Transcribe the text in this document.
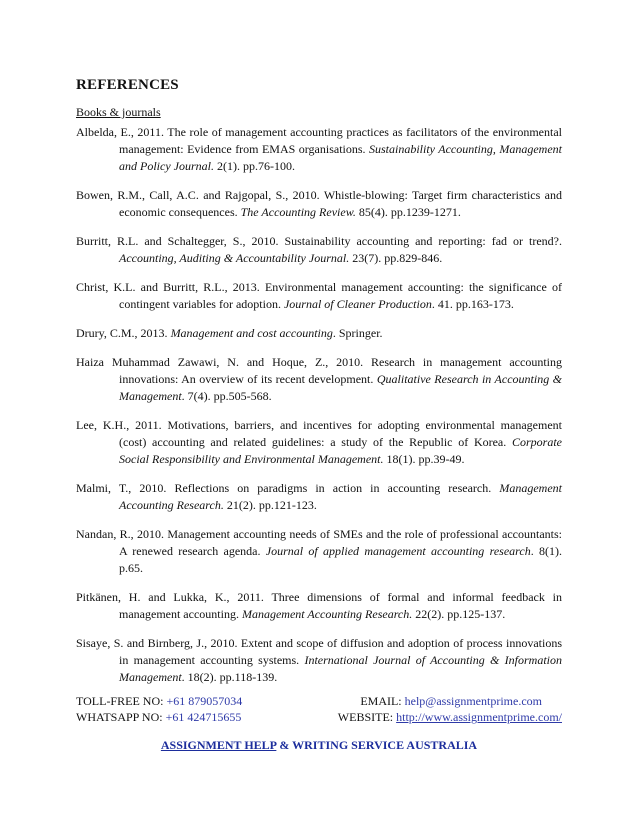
REFERENCES
Books & journals

Albelda, E., 2011. The role of management accounting practices as facilitators of the environmental management: Evidence from EMAS organisations. Sustainability Accounting, Management and Policy Journal. 2(1). pp.76-100.

Bowen, R.M., Call, A.C. and Rajgopal, S., 2010. Whistle-blowing: Target firm characteristics and economic consequences. The Accounting Review. 85(4). pp.1239-1271.

Burritt, R.L. and Schaltegger, S., 2010. Sustainability accounting and reporting: fad or trend?. Accounting, Auditing & Accountability Journal. 23(7). pp.829-846.

Christ, K.L. and Burritt, R.L., 2013. Environmental management accounting: the significance of contingent variables for adoption. Journal of Cleaner Production. 41. pp.163-173.

Drury, C.M., 2013. Management and cost accounting. Springer.

Haiza Muhammad Zawawi, N. and Hoque, Z., 2010. Research in management accounting innovations: An overview of its recent development. Qualitative Research in Accounting & Management. 7(4). pp.505-568.

Lee, K.H., 2011. Motivations, barriers, and incentives for adopting environmental management (cost) accounting and related guidelines: a study of the Republic of Korea. Corporate Social Responsibility and Environmental Management. 18(1). pp.39-49.

Malmi, T., 2010. Reflections on paradigms in action in accounting research. Management Accounting Research. 21(2). pp.121-123.

Nandan, R., 2010. Management accounting needs of SMEs and the role of professional accountants: A renewed research agenda. Journal of applied management accounting research. 8(1). p.65.

Pitkänen, H. and Lukka, K., 2011. Three dimensions of formal and informal feedback in management accounting. Management Accounting Research. 22(2). pp.125-137.

Sisaye, S. and Birnberg, J., 2010. Extent and scope of diffusion and adoption of process innovations in management accounting systems. International Journal of Accounting & Information Management. 18(2). pp.118-139.

TOLL-FREE NO: +61 879057034	EMAIL: help@assignmentprime.com
WHATSAPP NO: +61 424715655	WEBSITE: http://www.assignmentprime.com/
ASSIGNMENT HELP & WRITING SERVICE AUSTRALIA
